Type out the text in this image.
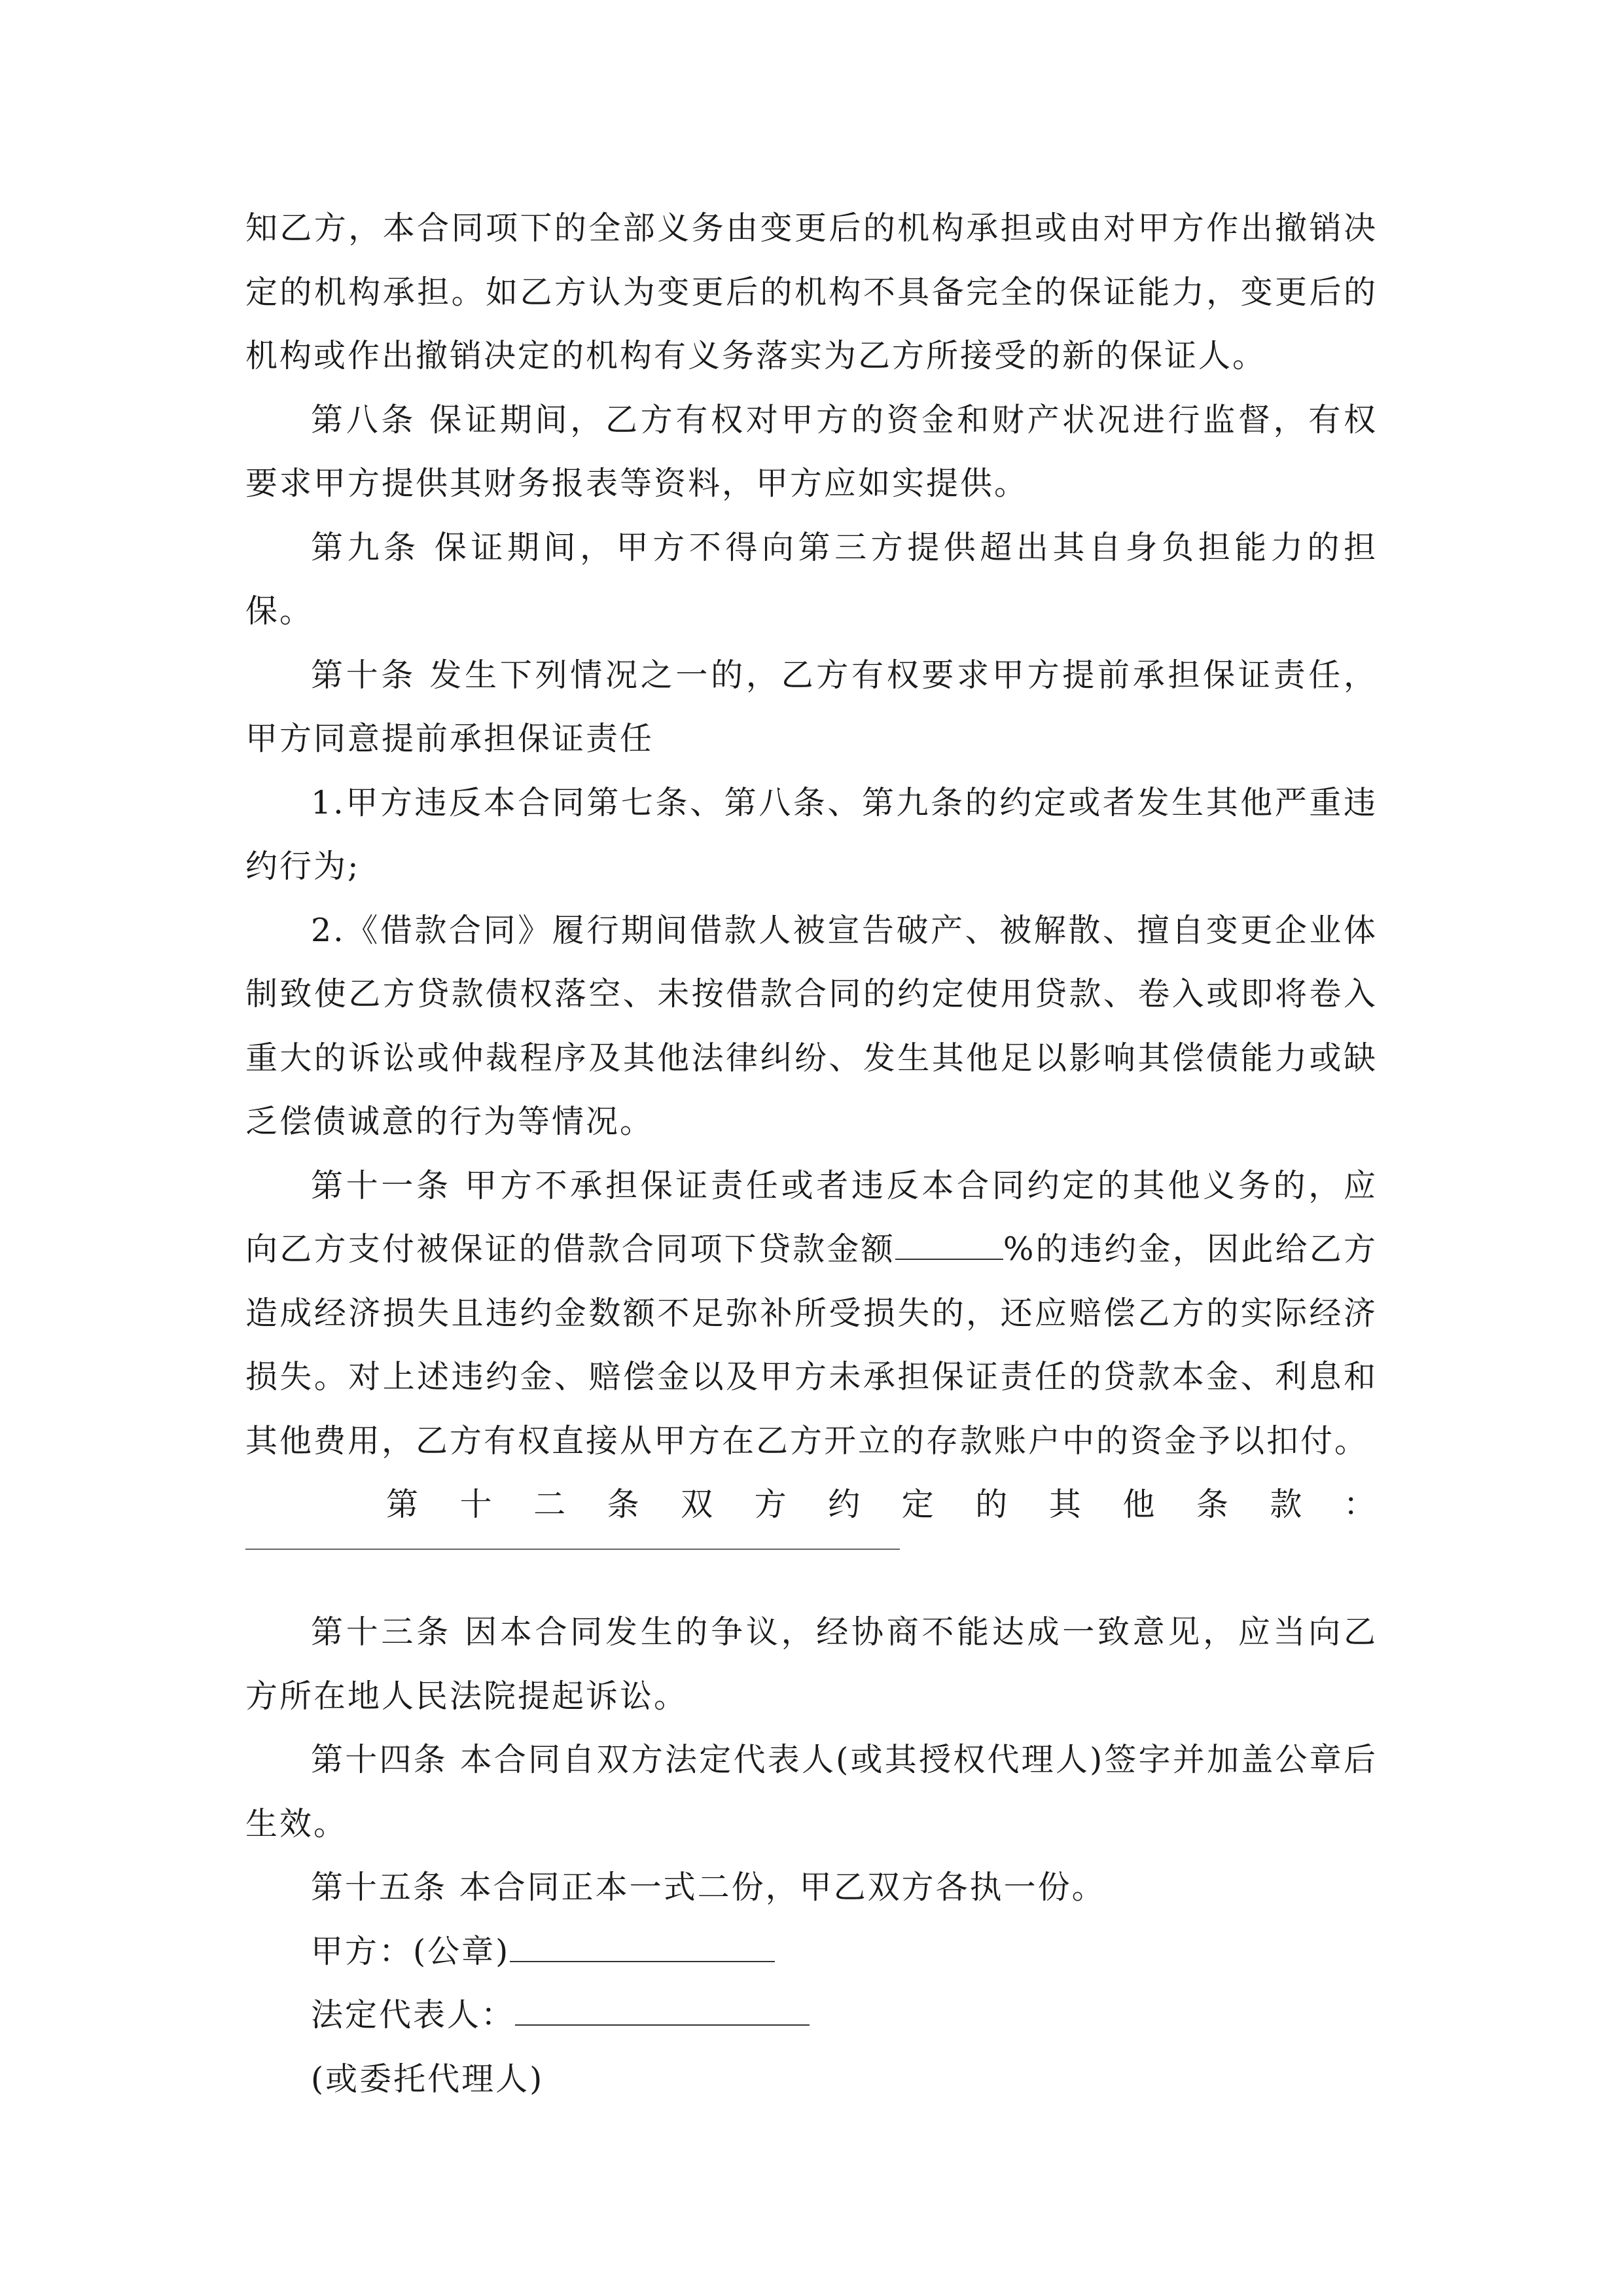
知乙方，本合同项下的全部义务由变更后的机构承担或由对甲方作出撤销决定的机构承担。如乙方认为变更后的机构不具备完全的保证能力，变更后的机构或作出撤销决定的机构有义务落实为乙方所接受的新的保证人。

第八条 保证期间，乙方有权对甲方的资金和财产状况进行监督，有权要求甲方提供其财务报表等资料，甲方应如实提供。

第九条 保证期间，甲方不得向第三方提供超出其自身负担能力的担保。

第十条 发生下列情况之一的，乙方有权要求甲方提前承担保证责任，甲方同意提前承担保证责任

1.甲方违反本合同第七条、第八条、第九条的约定或者发生其他严重违约行为;

2.《借款合同》履行期间借款人被宣告破产、被解散、擅自变更企业体制致使乙方贷款债权落空、未按借款合同的约定使用贷款、卷入或即将卷入重大的诉讼或仲裁程序及其他法律纠纷、发生其他足以影响其偿债能力或缺乏偿债诚意的行为等情况。

第十一条 甲方不承担保证责任或者违反本合同约定的其他义务的，应向乙方支付被保证的借款合同项下贷款金额	%的违约金，因此给乙方造成经济损失且违约金数额不足弥补所受损失的，还应赔偿乙方的实际经济损失。对上述违约金、赔偿金以及甲方未承担保证责任的贷款本金、利息和其他费用，乙方有权直接从甲方在乙方开立的存款账户中的资金予以扣付。

第 十 二 条 双 方 约 定 的 其 他 条 款 ：

第十三条 因本合同发生的争议，经协商不能达成一致意见，应当向乙方所在地人民法院提起诉讼。

第十四条 本合同自双方法定代表人(或其授权代理人)签字并加盖公章后生效。

第十五条 本合同正本一式二份，甲乙双方各执一份。

甲方：(公章)

法定代表人：

(或委托代理人)
